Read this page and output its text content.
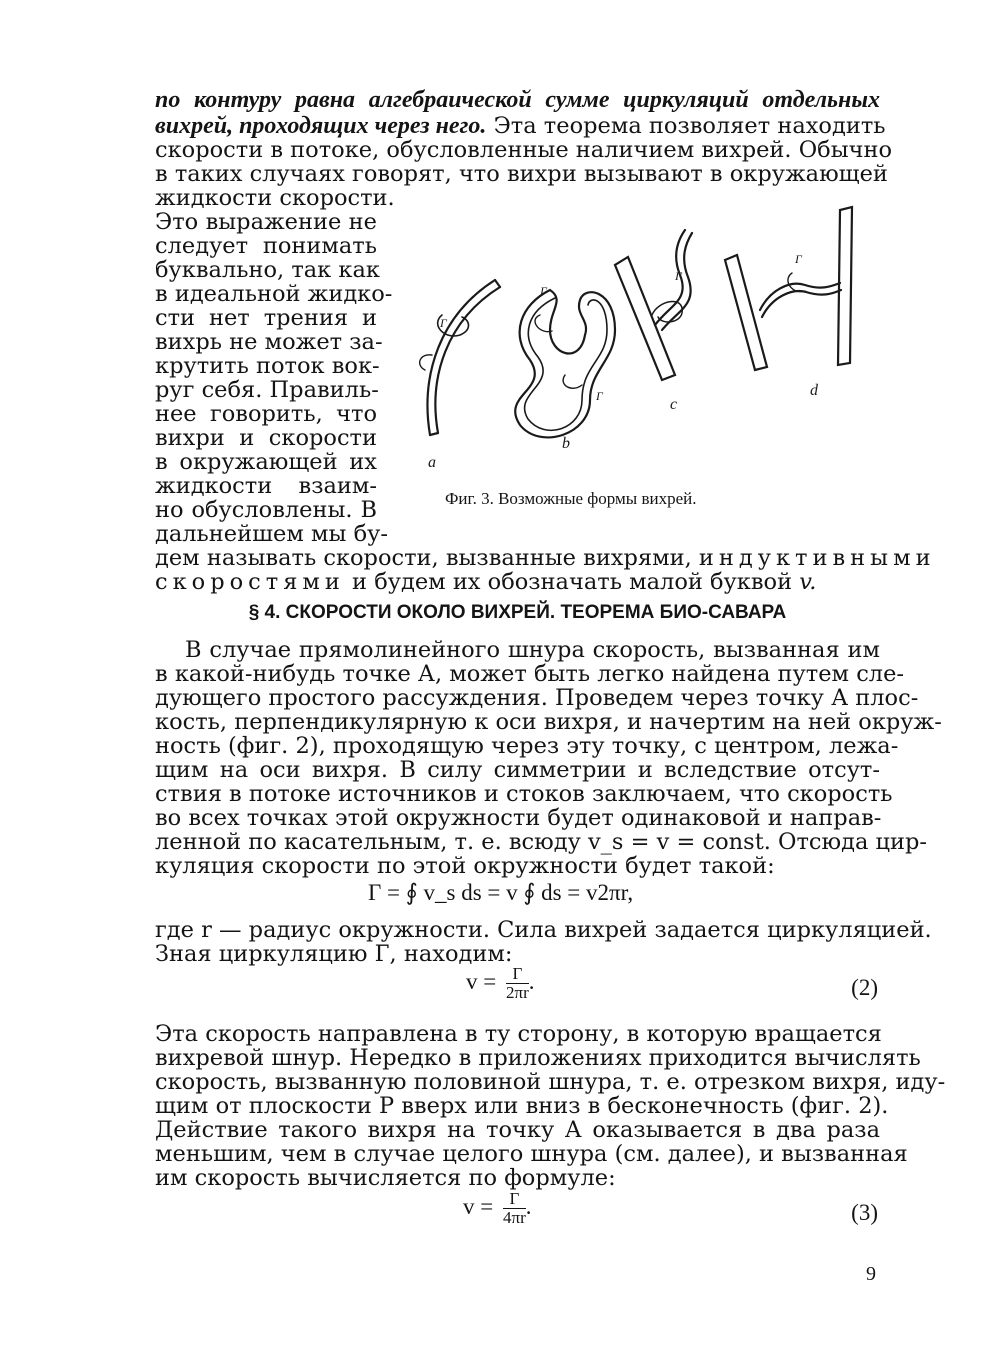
по контуру равна алгебраической сумме циркуляций отдельных
вихрей, проходящих через него. Эта теорема позволяет находить
скорости в потоке, обусловленные наличием вихрей. Обычно
в таких случаях говорят, что вихри вызывают в окружающей
жидкости скорости.
Это выражение не
следует понимать
буквально, так как
в идеальной жидко-
сти нет трения и
вихрь не может за-
крутить поток вок-
руг себя. Правиль-
нее говорить, что
вихри и скорости
в окружающей их
жидкости взаим-
но обусловлены. В
дальнейшем мы бу-
a
b
c
d
Г
Г
Г
Г
Г
Фиг. 3. Возможные формы вихрей.
дем называть скорости, вызванные вихрями, индуктивными
скоростями и будем их обозначать малой буквой v.
§ 4. СКОРОСТИ ОКОЛО ВИХРЕЙ. ТЕОРЕМА БИО-САВАРА
В случае прямолинейного шнура скорость, вызванная им
в какой-нибудь точке А, может быть легко найдена путем сле-
дующего простого рассуждения. Проведем через точку А плос-
кость, перпендикулярную к оси вихря, и начертим на ней окруж-
ность (фиг. 2), проходящую через эту точку, с центром, лежа-
щим на оси вихря. В силу симметрии и вследствие отсут-
ствия в потоке источников и стоков заключаем, что скорость
во всех точках этой окружности будет одинаковой и направ-
ленной по касательным, т. е. всюду v_s = v = const. Отсюда цир-
куляция скорости по этой окружности будет такой:
Г = ∮ v_s ds = v ∮ ds = v2πr,
где r — радиус окружности. Сила вихрей задается циркуляцией.
Зная циркуляцию Г, находим:
$v = \frac{Г}{2\pi r}$ .	(2)
Эта скорость направлена в ту сторону, в которую вращается
вихревой шнур. Нередко в приложениях приходится вычислять
скорость, вызванную половиной шнура, т. е. отрезком вихря, иду-
щим от плоскости Р вверх или вниз в бесконечность (фиг. 2).
Действие такого вихря на точку А оказывается в два раза
меньшим, чем в случае целого шнура (см. далее), и вызванная
им скорость вычисляется по формуле:
$v = \frac{Г}{4\pi r}$ .	(3)
9
